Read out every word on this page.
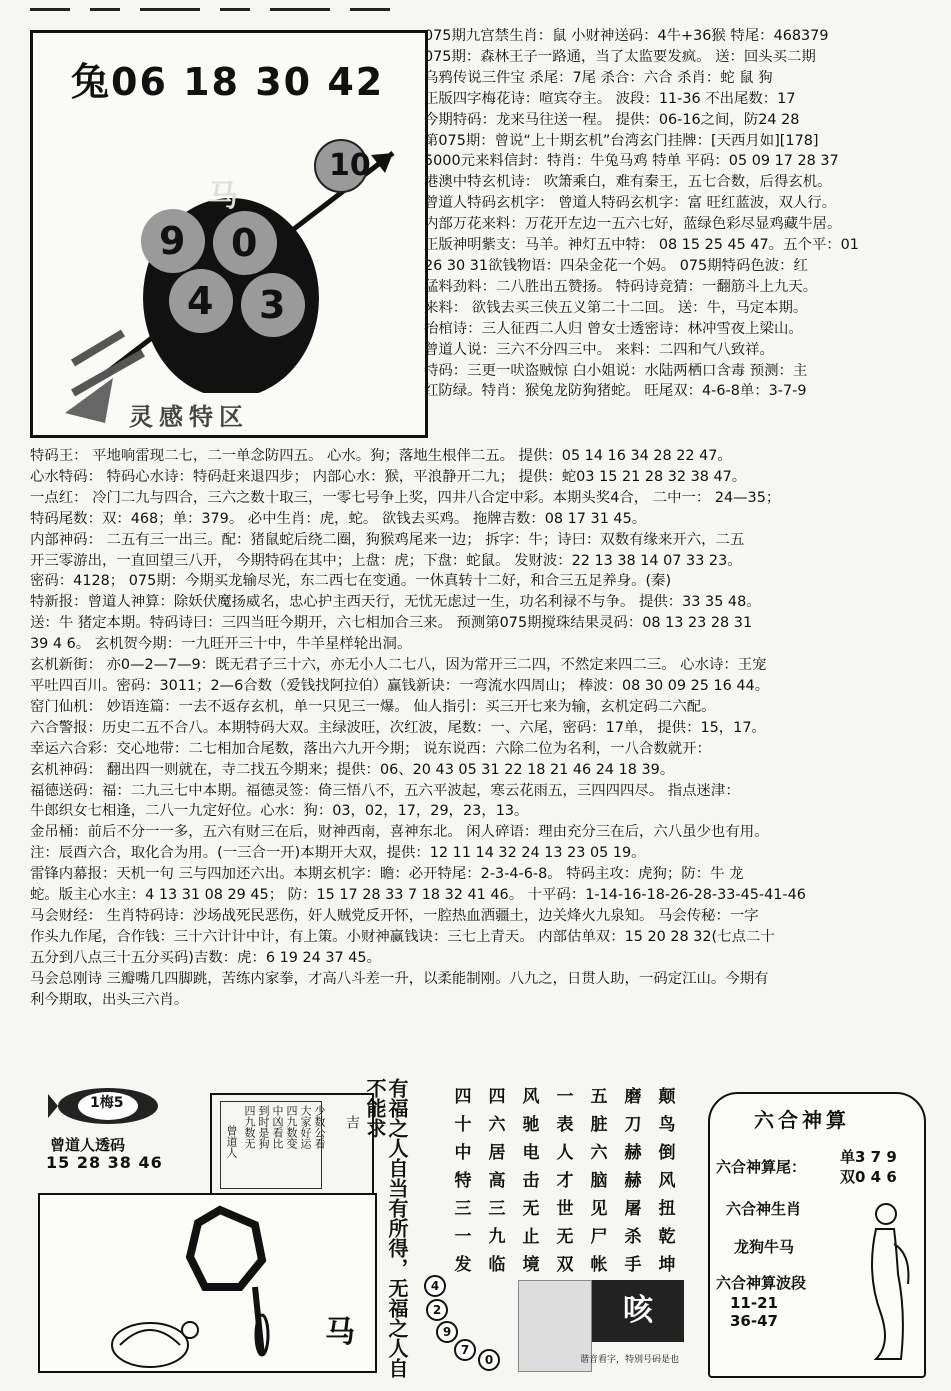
兔06 18 30 42
10
马
9 0
4 3
灵感特区
075期九宫禁生肖：鼠 小财神送码：4牛+36猴 特尾：468379
075期：森林王子一路通，当了太监要发疯。 送：回头买二期
乌鸦传说三件宝 杀尾：7尾 杀合：六合 杀肖：蛇 鼠 狗
正版四字梅花诗：喧宾夺主。 波段：11-36 不出尾数：17
今期特码：龙来马往送一程。 提供：06-16之间，防24 28
第075期：曾说“上十期玄机”台湾玄门挂牌：[天西月如][178]
5000元来料信封：特肖：牛兔马鸡 特单 平码：05 09 17 28 37
港澳中特玄机诗： 吹箫乘白，难有秦王，五七合数，后得玄机。
曾道人特码玄机字： 曾道人特码玄机字：富 旺红蓝波，双人行。
内部万花来料：万花开左边一五六七好，蓝绿色彩尽显鸡藏牛居。
正版神明紫支：马羊。神灯五中特： 08 15 25 45 47。五个平：01
26 30 31欲钱物语：四朵金花一个妈。 075期特码色波：红
猛料劲料：二八胜出五赞扬。 特码诗竞猜：一翻筋斗上九天。
来料： 欲钱去买三侠五义第二十二回。 送：牛，马定本期。
抬棺诗：三人征西二人归 曾女士透密诗：林冲雪夜上梁山。
曾道人说：三六不分四三中。 来料：二四和气八致祥。
特码：三更一吠盗贼惊 白小姐说：水陆两栖口含毒 预测：主
红防绿。特肖：猴兔龙防狗猪蛇。 旺尾双：4-6-8单：3-7-9
特码王： 平地响雷现二七，二一单念防四五。 心水。狗；落地生根伴二五。 提供：05 14 16 34 28 22 47。
心水特码： 特码心水诗：特码赶来退四步； 内部心水：猴，平浪静开二九； 提供：蛇03 15 21 28 32 38 47。
一点红： 冷门二九与四合，三六之数十取三，一零七号争上奖，四井八合定中彩。本期头奖4合， 二中一： 24—35；
特码尾数：双：468；单：379。 必中生肖：虎，蛇。 欲钱去买鸡。 拖牌吉数：08 17 31 45。
内部神码： 二五有三一出三。配：猪鼠蛇后绕二圈，狗猴鸡尾来一边； 拆字：牛；诗曰：双数有缘来开六，二五
开三零游出，一直回望三八开， 今期特码在其中；上盘：虎；下盘：蛇鼠。 发财波：22 13 38 14 07 33 23。
密码：4128； 075期：今期买龙输尽光，东二西七在变通。一休真转十二好，和合三五足养身。(秦)
特新报：曾道人神算：除妖伏魔扬威名，忠心护主西天行，无忧无虑过一生，功名利禄不与争。 提供：33 35 48。
送：牛 猪定本期。特码诗曰：三四当旺今期开，六七相加合三来。 预测第075期搅珠结果灵码：08 13 23 28 31
39 4 6。 玄机贺今期：一九旺开三十中，牛羊星样轮出洞。
玄机新街： 亦0—2—7—9：既无君子三十六，亦无小人二七八，因为常开三二四，不然定来四二三。 心水诗：王宠
平吐四百川。密码：3011；2—6合数（爱钱找阿拉伯）赢钱新诀：一弯流水四周山； 棒波：08 30 09 25 16 44。
窑门仙机： 妙语连篇：一去不返存玄机，单一只见三一爆。 仙人指引：买三开七来为输，玄机定码二六配。
六合警报：历史二五不合八。本期特码大双。主绿波旺，次红波，尾数：一、六尾，密码：17单， 提供：15，17。
幸运六合彩：交心地带：二七相加合尾数，落出六九开今期； 说东说西：六除二位为名利，一八合数就开：
玄机神码： 翻出四一则就在，寺二找五今期来；提供：06、20 43 05 31 22 18 21 46 24 18 39。
福德送码：福：二九三七中本期。福德灵签：倚三悟八不，五六平波起，寒云花雨五，三四四四尽。 指点迷津：
牛郎织女七相逢，二八一九定好位。心水：狗：03，02，17，29，23，13。
金吊桶：前后不分一一多，五六有财三在后，财神西南，喜神东北。 闲人碎语：理由充分三在后，六八虽少也有用。
注：辰酉六合，取化合为用。(一三合一开)本期开大双，提供：12 11 14 32 24 13 23 05 19。
雷锋内幕报：天机一句 三与四加还六出。本期玄机字：瞻：必开特尾：2-3-4-6-8。 特码主攻：虎狗；防：牛 龙
蛇。版主心水主：4 13 31 08 29 45； 防：15 17 28 33 7 18 32 41 46。 十平码：1-14-16-18-26-28-33-45-41-46
马会财经： 生肖特码诗：沙场战死民恶伤，奸人贼党反开怀，一腔热血洒疆土，边关烽火九泉知。 马会传秘：一字
作头九作尾，合作钱：三十六计计中计，有上策。小财神赢钱诀：三七上青天。 内部估单双：15 20 28 32(七点二十
五分到八点三十五分买码)吉数：虎：6 19 24 37 45。
马会总刚诗 三瓣嘴几四脚跳，苦练内家拳，才高八斗差一升，以柔能制刚。八九之，日贯人助，一码定江山。今期有
利今期取，出头三六肖。
1梅5
曾道人透码
15 28 38 46
少数公看
大家好运
四九数变
中凶看比
到时是狗
四九数无	吉
曾道人
马	有福之人自当有所得，无福之人自不能求	四	四	风	一	五	磨	颠
十	六	驰	表	脏	刀	鸟
中	居	电	人	六	赫	倒
特	高	击	才	脑	赫	风
三	三	无	世	见	屠	扭
一	九	止	无	尸	杀	乾
发	临	境	双	帐	手	坤
4
2
9
7
0
咳
谐音看字，特别号码是也
六合神算
六合神算尾：
单3 7 9
双0 4 6
六合神生肖
龙狗牛马
六合神算波段
11-21
36-47
